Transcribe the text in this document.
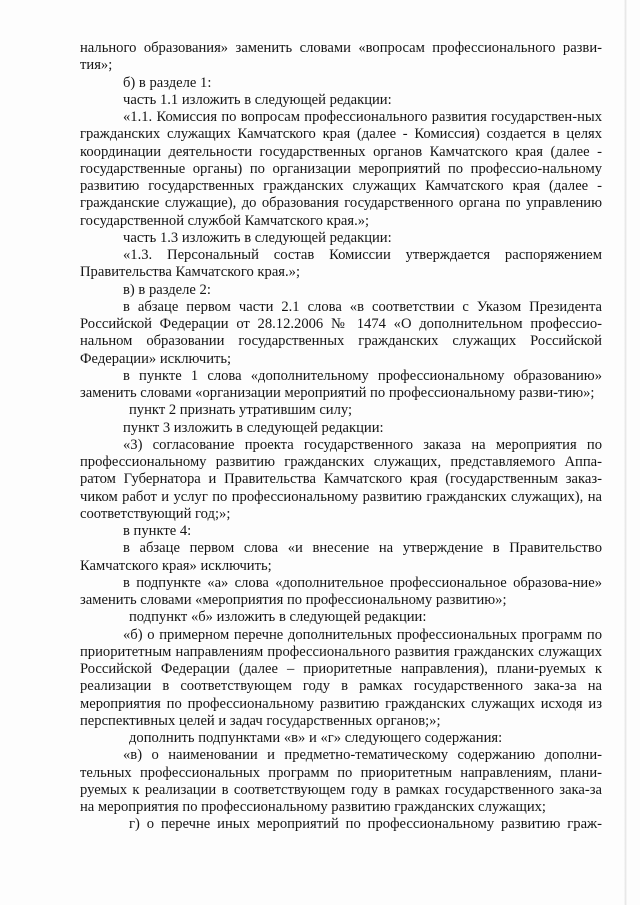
нального образования» заменить словами «вопросам профессионального разви-тия»;

б) в разделе 1:

часть 1.1 изложить в следующей редакции:

«1.1. Комиссия по вопросам профессионального развития государствен-ных гражданских служащих Камчатского края (далее - Комиссия) создается в целях координации деятельности государственных органов Камчатского края (далее - государственные органы) по организации мероприятий по профессио-нальному развитию государственных гражданских служащих Камчатского края (далее - гражданские служащие), до образования государственного органа по управлению государственной службой Камчатского края.»;

часть 1.3 изложить в следующей редакции:

«1.3. Персональный состав Комиссии утверждается распоряжением Правительства Камчатского края.»;

в) в разделе 2:

в абзаце первом части 2.1 слова «в соответствии с Указом Президента Российской Федерации от 28.12.2006 № 1474 «О дополнительном профессио-нальном образовании государственных гражданских служащих Российской Федерации» исключить;

в пункте 1 слова «дополнительному профессиональному образованию» заменить словами «организации мероприятий по профессиональному разви-тию»;

пункт 2 признать утратившим силу;

пункт 3 изложить в следующей редакции:

«3) согласование проекта государственного заказа на мероприятия по профессиональному развитию гражданских служащих, представляемого Аппа-ратом Губернатора и Правительства Камчатского края (государственным заказ-чиком работ и услуг по профессиональному развитию гражданских служащих), на соответствующий год;»;

в пункте 4:

в абзаце первом слова «и внесение на утверждение в Правительство Камчатского края» исключить;

в подпункте «а» слова «дополнительное профессиональное образова-ние» заменить словами «мероприятия по профессиональному развитию»;

подпункт «б» изложить в следующей редакции:

«б) о примерном перечне дополнительных профессиональных программ по приоритетным направлениям профессионального развития гражданских служащих Российской Федерации (далее – приоритетные направления), плани-руемых к реализации в соответствующем году в рамках государственного зака-за на мероприятия по профессиональному развитию гражданских служащих исходя из перспективных целей и задач государственных органов;»;

дополнить подпунктами «в» и «г» следующего содержания:

«в) о наименовании и предметно-тематическому содержанию дополни-тельных профессиональных программ по приоритетным направлениям, плани-руемых к реализации в соответствующем году в рамках государственного зака-за на мероприятия по профессиональному развитию гражданских служащих;

г) о перечне иных мероприятий по профессиональному развитию граж-
